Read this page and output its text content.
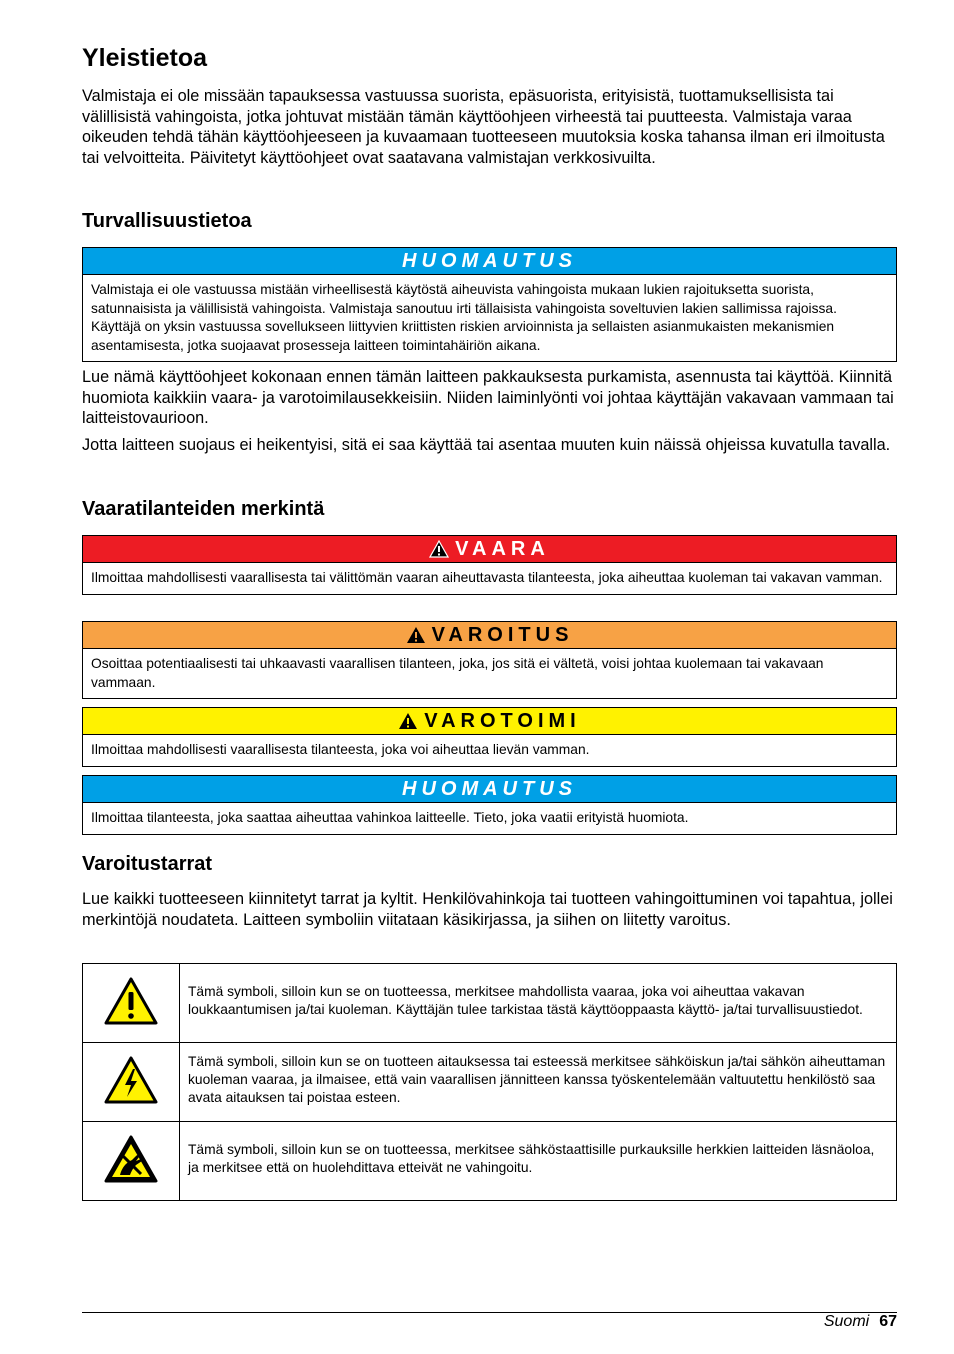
Yleistietoa

Valmistaja ei ole missään tapauksessa vastuussa suorista, epäsuorista, erityisistä, tuottamuksellisista tai välillisistä vahingoista, jotka johtuvat mistään tämän käyttöohjeen virheestä tai puutteesta. Valmistaja varaa oikeuden tehdä tähän käyttöohjeeseen ja kuvaamaan tuotteeseen muutoksia koska tahansa ilman eri ilmoitusta tai velvoitteita. Päivitetyt käyttöohjeet ovat saatavana valmistajan verkkosivuilta.

Turvallisuustietoa
HUOMAUTUS
Valmistaja ei ole vastuussa mistään virheellisestä käytöstä aiheuvista vahingoista mukaan lukien rajoituksetta suorista, satunnaisista ja välillisistä vahingoista. Valmistaja sanoutuu irti tällaisista vahingoista soveltuvien lakien sallimissa rajoissa. Käyttäjä on yksin vastuussa sovellukseen liittyvien kriittisten riskien arvioinnista ja sellaisten asianmukaisten mekanismien asentamisesta, jotka suojaavat prosesseja laitteen toimintahäiriön aikana.

Lue nämä käyttöohjeet kokonaan ennen tämän laitteen pakkauksesta purkamista, asennusta tai käyttöä. Kiinnitä huomiota kaikkiin vaara- ja varotoimilausekkeisiin. Niiden laiminlyönti voi johtaa käyttäjän vakavaan vammaan tai laitteistovaurioon.

Jotta laitteen suojaus ei heikentyisi, sitä ei saa käyttää tai asentaa muuten kuin näissä ohjeissa kuvatulla tavalla.

Vaaratilanteiden merkintä
VAARA
Ilmoittaa mahdollisesti vaarallisesta tai välittömän vaaran aiheuttavasta tilanteesta, joka aiheuttaa kuoleman tai vakavan vamman.
VAROITUS
Osoittaa potentiaalisesti tai uhkaavasti vaarallisen tilanteen, joka, jos sitä ei vältetä, voisi johtaa kuolemaan tai vakavaan vammaan.
VAROTOIMI
Ilmoittaa mahdollisesti vaarallisesta tilanteesta, joka voi aiheuttaa lievän vamman.
HUOMAUTUS
Ilmoittaa tilanteesta, joka saattaa aiheuttaa vahinkoa laitteelle. Tieto, joka vaatii erityistä huomiota.
Varoitustarrat

Lue kaikki tuotteeseen kiinnitetyt tarrat ja kyltit. Henkilövahinkoja tai tuotteen vahingoittuminen voi tapahtua, jollei merkintöjä noudateta. Laitteen symboliin viitataan käsikirjassa, ja siihen on liitetty varoitus.

	Tämä symboli, silloin kun se on tuotteessa, merkitsee mahdollista vaaraa, joka voi aiheuttaa vakavan loukkaantumisen ja/tai kuoleman. Käyttäjän tulee tarkistaa tästä käyttöoppaasta käyttö- ja/tai turvallisuustiedot.
	Tämä symboli, silloin kun se on tuotteen aitauksessa tai esteessä merkitsee sähköiskun ja/tai sähkön aiheuttaman kuoleman vaaraa, ja ilmaisee, että vain vaarallisen jännitteen kanssa työskentelemään valtuutettu henkilöstö saa avata aitauksen tai poistaa esteen.
	Tämä symboli, silloin kun se on tuotteessa, merkitsee sähköstaattisille purkauksille herkkien laitteiden läsnäoloa, ja merkitsee että on huolehdittava etteivät ne vahingoitu.
Suomi 67
